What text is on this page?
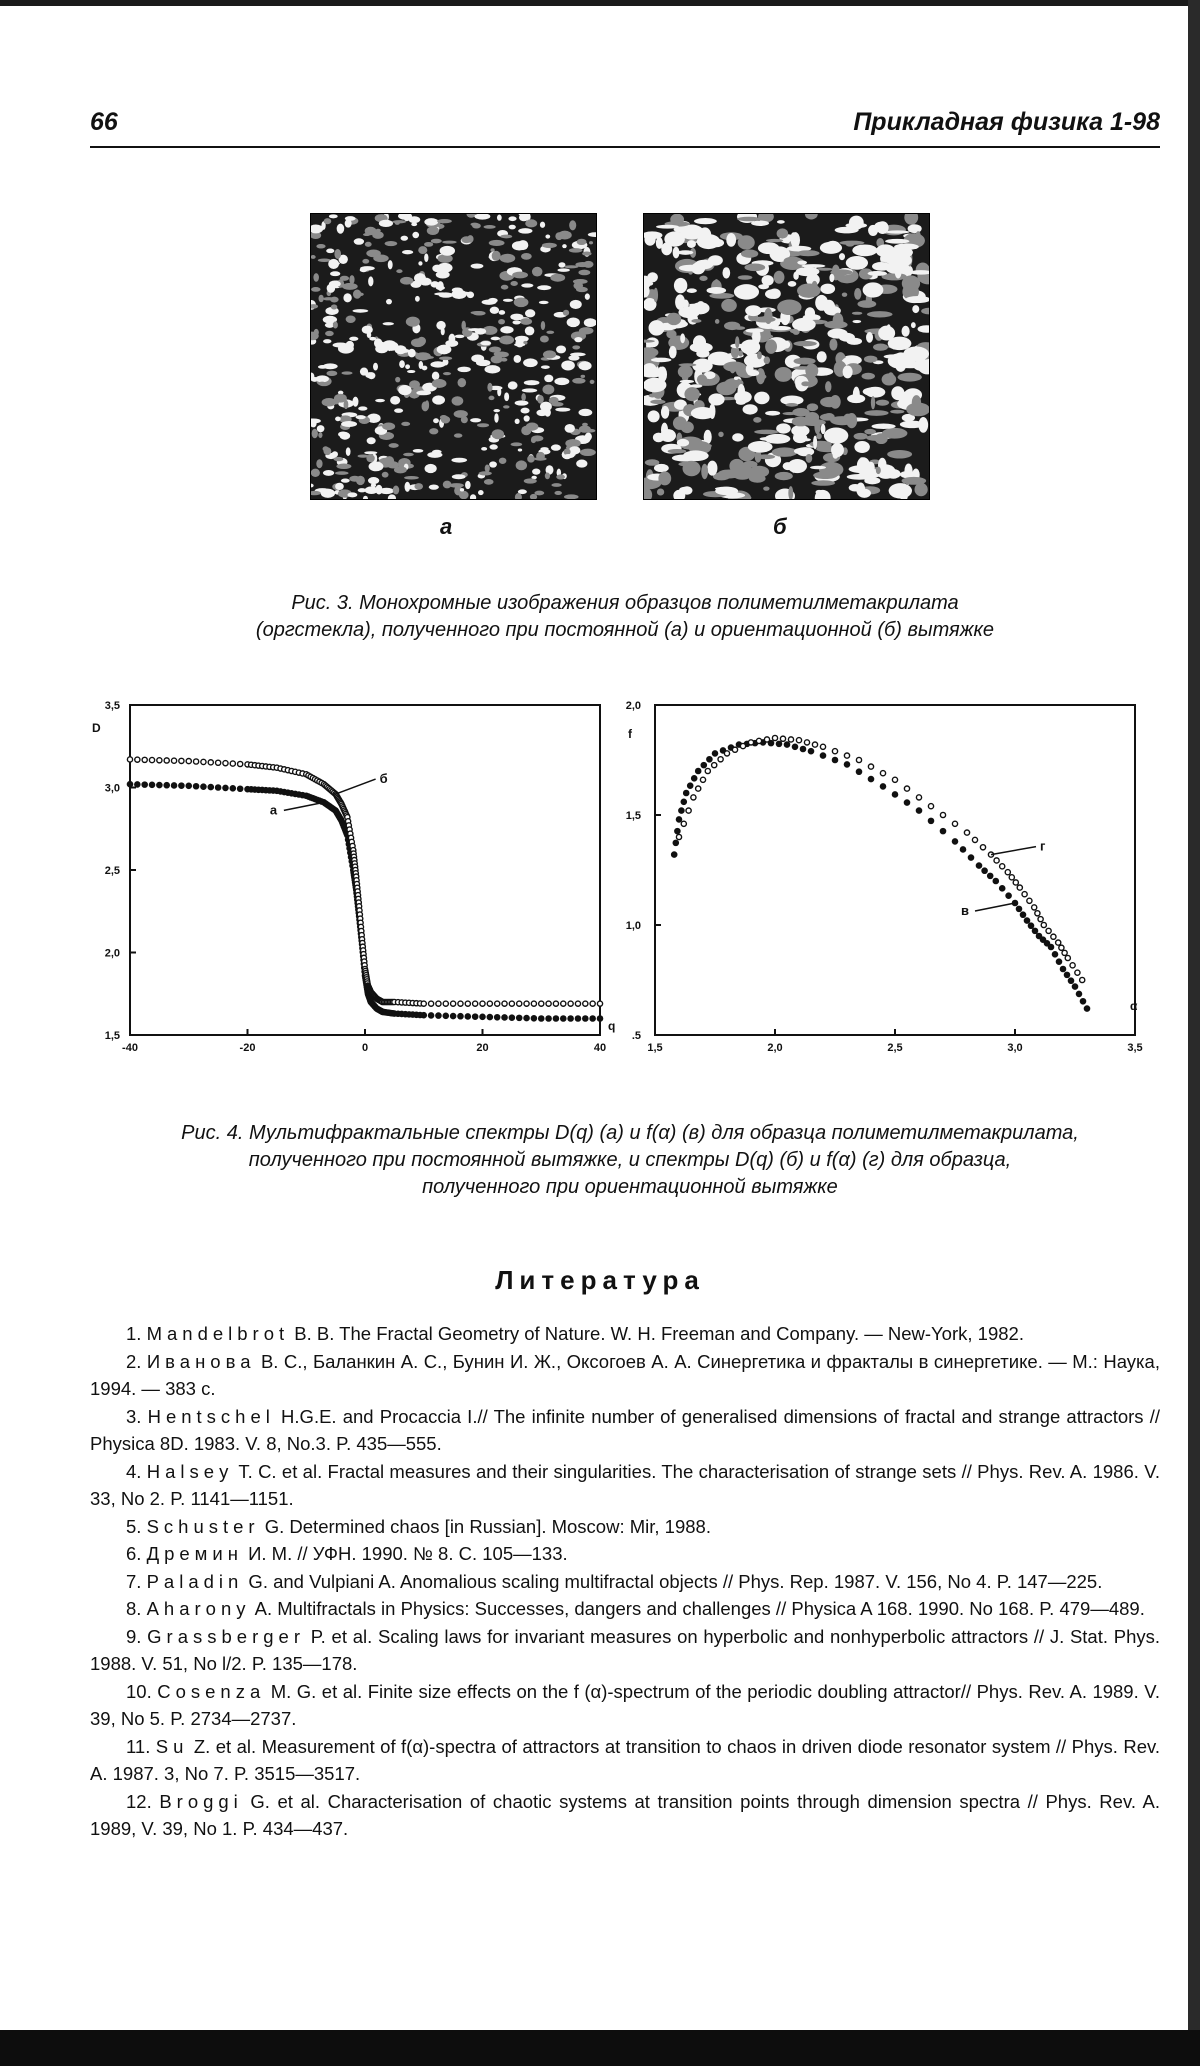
66	Прикладная физика 1-98
а	б
Рис. 3. Монохромные изображения образцов полиметилметакрилата
(оргстекла), полученного при постоянной (а) и ориентационной (б) вытяжке
-40	-20	0	20	40
1,5
2,0
2,5
3,0
3,5
D
q
а
б
1,5	2,0	2,5	3,0	3,5
.5
1,0
1,5
2,0
f
α
в
г
Рис. 4. Мультифрактальные спектры D(q) (а) и f(α) (в) для образца полиметилметакрилата,
полученного при постоянной вытяжке, и спектры D(q) (б) и f(α) (г) для образца,
полученного при ориентационной вытяжке
Литература

1. Mandelbrot B. B. The Fractal Geometry of Nature. W. H. Freeman and Company. — New-York, 1982.

2. Иванова В. С., Баланкин А. С., Бунин И. Ж., Оксогоев А. А. Синергетика и фракталы в синергетике. — М.: Наука, 1994. — 383 с.

3. Hentschel H.G.E. and Procaccia I.// The infinite number of generalised dimensions of fractal and strange attractors // Physica 8D. 1983. V. 8, No.3. P. 435—555.

4. Halsey T. C. et al. Fractal measures and their singularities. The characterisation of strange sets // Phys. Rev. A. 1986. V. 33, No 2. P. 1141—1151.

5. Schuster G. Determined chaos [in Russian]. Moscow: Mir, 1988.

6. Дремин И. М. // УФН. 1990. № 8. С. 105—133.

7. Paladin G. and Vulpiani A. Anomalious scaling multifractal objects // Phys. Rep. 1987. V. 156, No 4. P. 147—225.

8. Aharony A. Multifractals in Physics: Successes, dangers and challenges // Physica A 168. 1990. No 168. P. 479—489.

9. Grassberger P. et al. Scaling laws for invariant measures on hyperbolic and nonhyperbolic attractors // J. Stat. Phys. 1988. V. 51, No l/2. P. 135—178.

10. Cosenza M. G. et al. Finite size effects on the f (α)-spectrum of the periodic doubling attractor// Phys. Rev. A. 1989. V. 39, No 5. P. 2734—2737.

11. Su Z. et al. Measurement of f(α)-spectra of attractors at transition to chaos in driven diode resonator system // Phys. Rev. A. 1987. 3, No 7. P. 3515—3517.

12. Broggi G. et al. Characterisation of chaotic systems at transition points through dimension spectra // Phys. Rev. A. 1989, V. 39, No 1. P. 434—437.
